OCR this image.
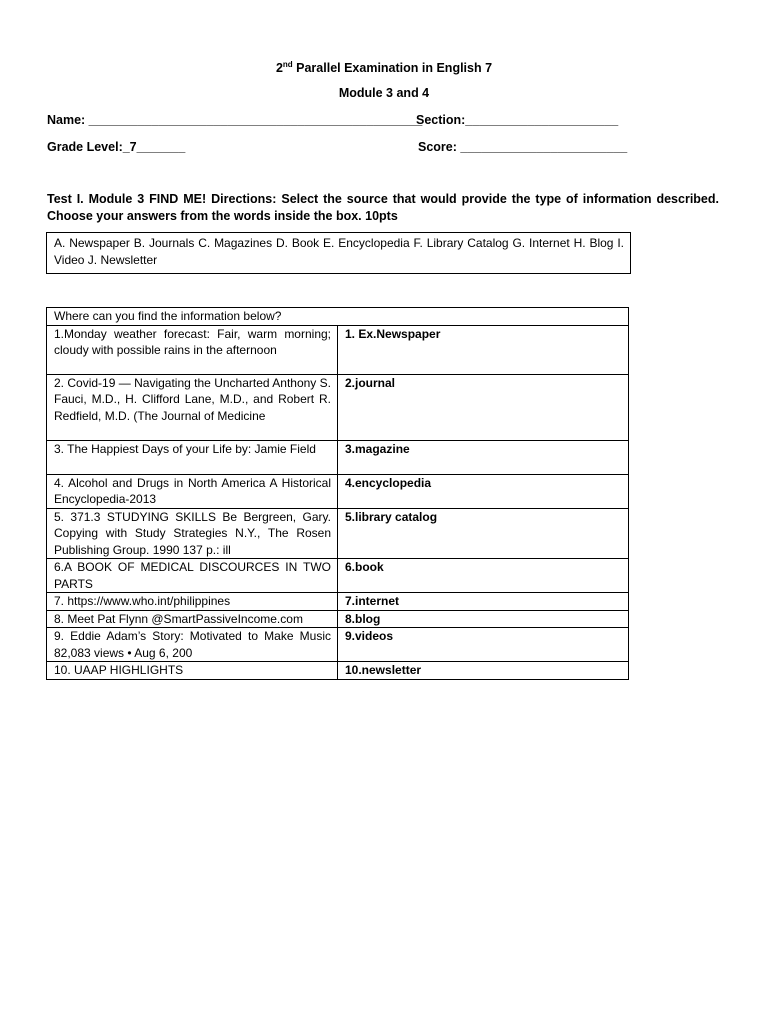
2nd Parallel Examination in English 7
Module 3 and 4
Name: ________________________________________________
Section:______________________
Grade Level:_7_______	Score: ________________________
Test I. Module 3 FIND ME! Directions: Select the source that would provide the type of information described. Choose your answers from the words inside the box. 10pts
A. Newspaper B. Journals C. Magazines D. Book E. Encyclopedia F. Library Catalog G. Internet H. Blog I. Video J. Newsletter
Where can you find the information below?	
1.Monday weather forecast: Fair, warm morning; cloudy with possible rains in the afternoon	1. Ex.Newspaper
2. Covid-19 — Navigating the Uncharted Anthony S. Fauci, M.D., H. Clifford Lane, M.D., and Robert R. Redfield, M.D. (The Journal of Medicine	2.journal
3. The Happiest Days of your Life by: Jamie Field	3.magazine
4. Alcohol and Drugs in North America A Historical Encyclopedia-2013	4.encyclopedia
5. 371.3 STUDYING SKILLS Be Bergreen, Gary. Copying with Study Strategies N.Y., The Rosen Publishing Group. 1990 137 p.: ill	5.library catalog
6.A BOOK OF MEDICAL DISCOURCES IN TWO PARTS	6.book
7. https://www.who.int/philippines	7.internet
8. Meet Pat Flynn @SmartPassiveIncome.com	8.blog
9. Eddie Adam’s Story: Motivated to Make Music 82,083 views • Aug 6, 200	9.videos
10. UAAP HIGHLIGHTS	10.newsletter
